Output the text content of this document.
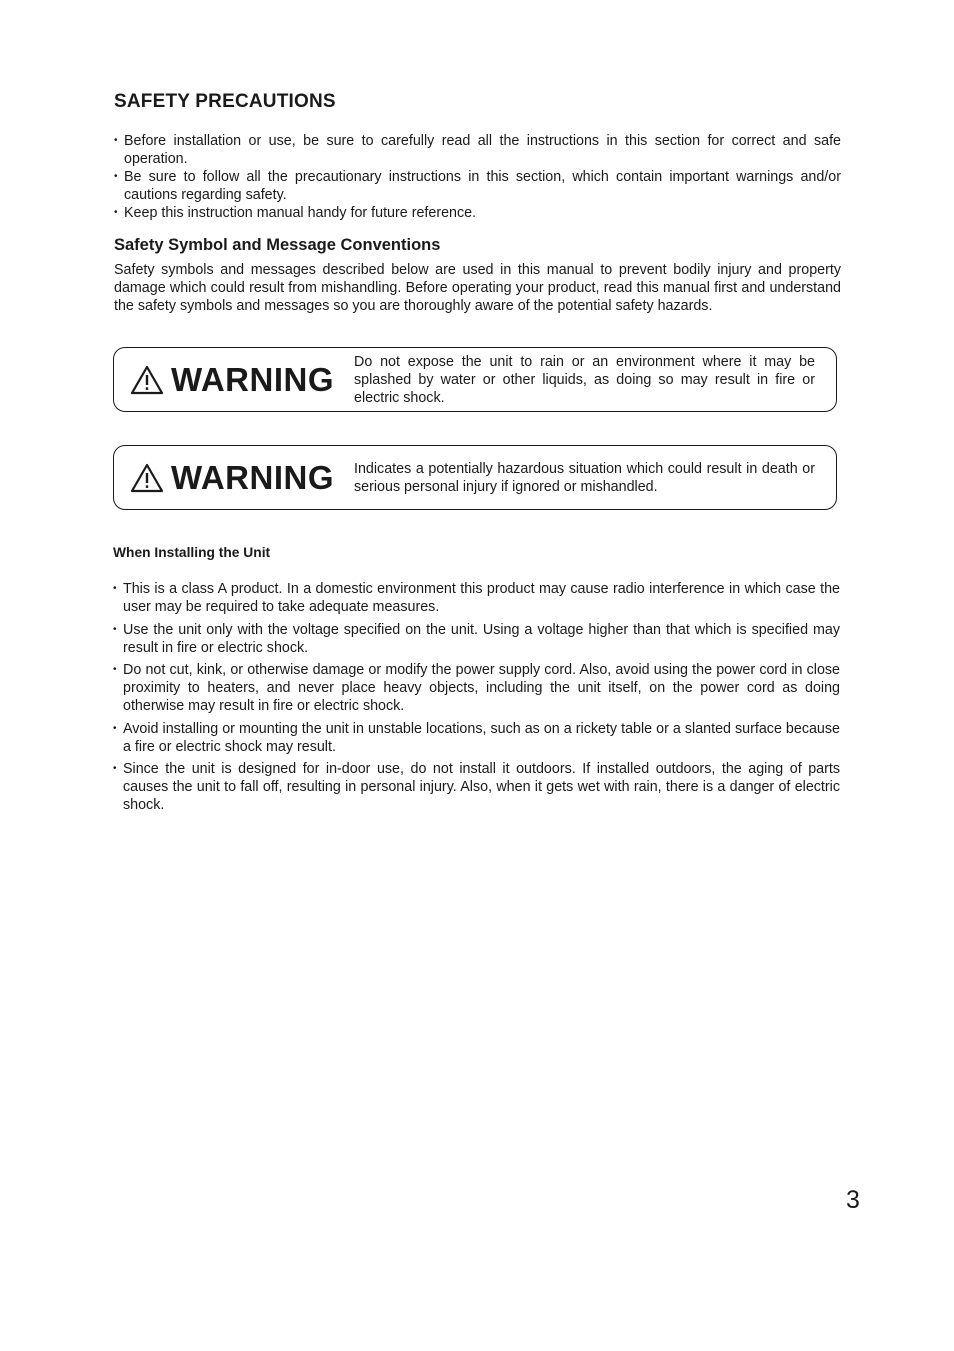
SAFETY PRECAUTIONS
• Before installation or use, be sure to carefully read all the instructions in this section for correct and safe operation.
• Be sure to follow all the precautionary instructions in this section, which contain important warnings and/or cautions regarding safety.
• Keep this instruction manual handy for future reference.
Safety Symbol and Message Conventions

Safety symbols and messages described below are used in this manual to prevent bodily injury and property damage which could result from mishandling. Before operating your product, read this manual first and understand the safety symbols and messages so you are thoroughly aware of the potential safety hazards.

WARNING Do not expose the unit to rain or an environment where it may be splashed by water or other liquids, as doing so may result in fire or electric shock.
WARNING Indicates a potentially hazardous situation which could result in death or serious personal injury if ignored or mishandled.
When Installing the Unit
• This is a class A product. In a domestic environment this product may cause radio interference in which case the user may be required to take adequate measures.
• Use the unit only with the voltage specified on the unit. Using a voltage higher than that which is specified may result in fire or electric shock.
• Do not cut, kink, or otherwise damage or modify the power supply cord. Also, avoid using the power cord in close proximity to heaters, and never place heavy objects, including the unit itself, on the power cord as doing otherwise may result in fire or electric shock.
• Avoid installing or mounting the unit in unstable locations, such as on a rickety table or a slanted surface because a fire or electric shock may result.
• Since the unit is designed for in-door use, do not install it outdoors. If installed outdoors, the aging of parts causes the unit to fall off, resulting in personal injury. Also, when it gets wet with rain, there is a danger of electric shock.
3
